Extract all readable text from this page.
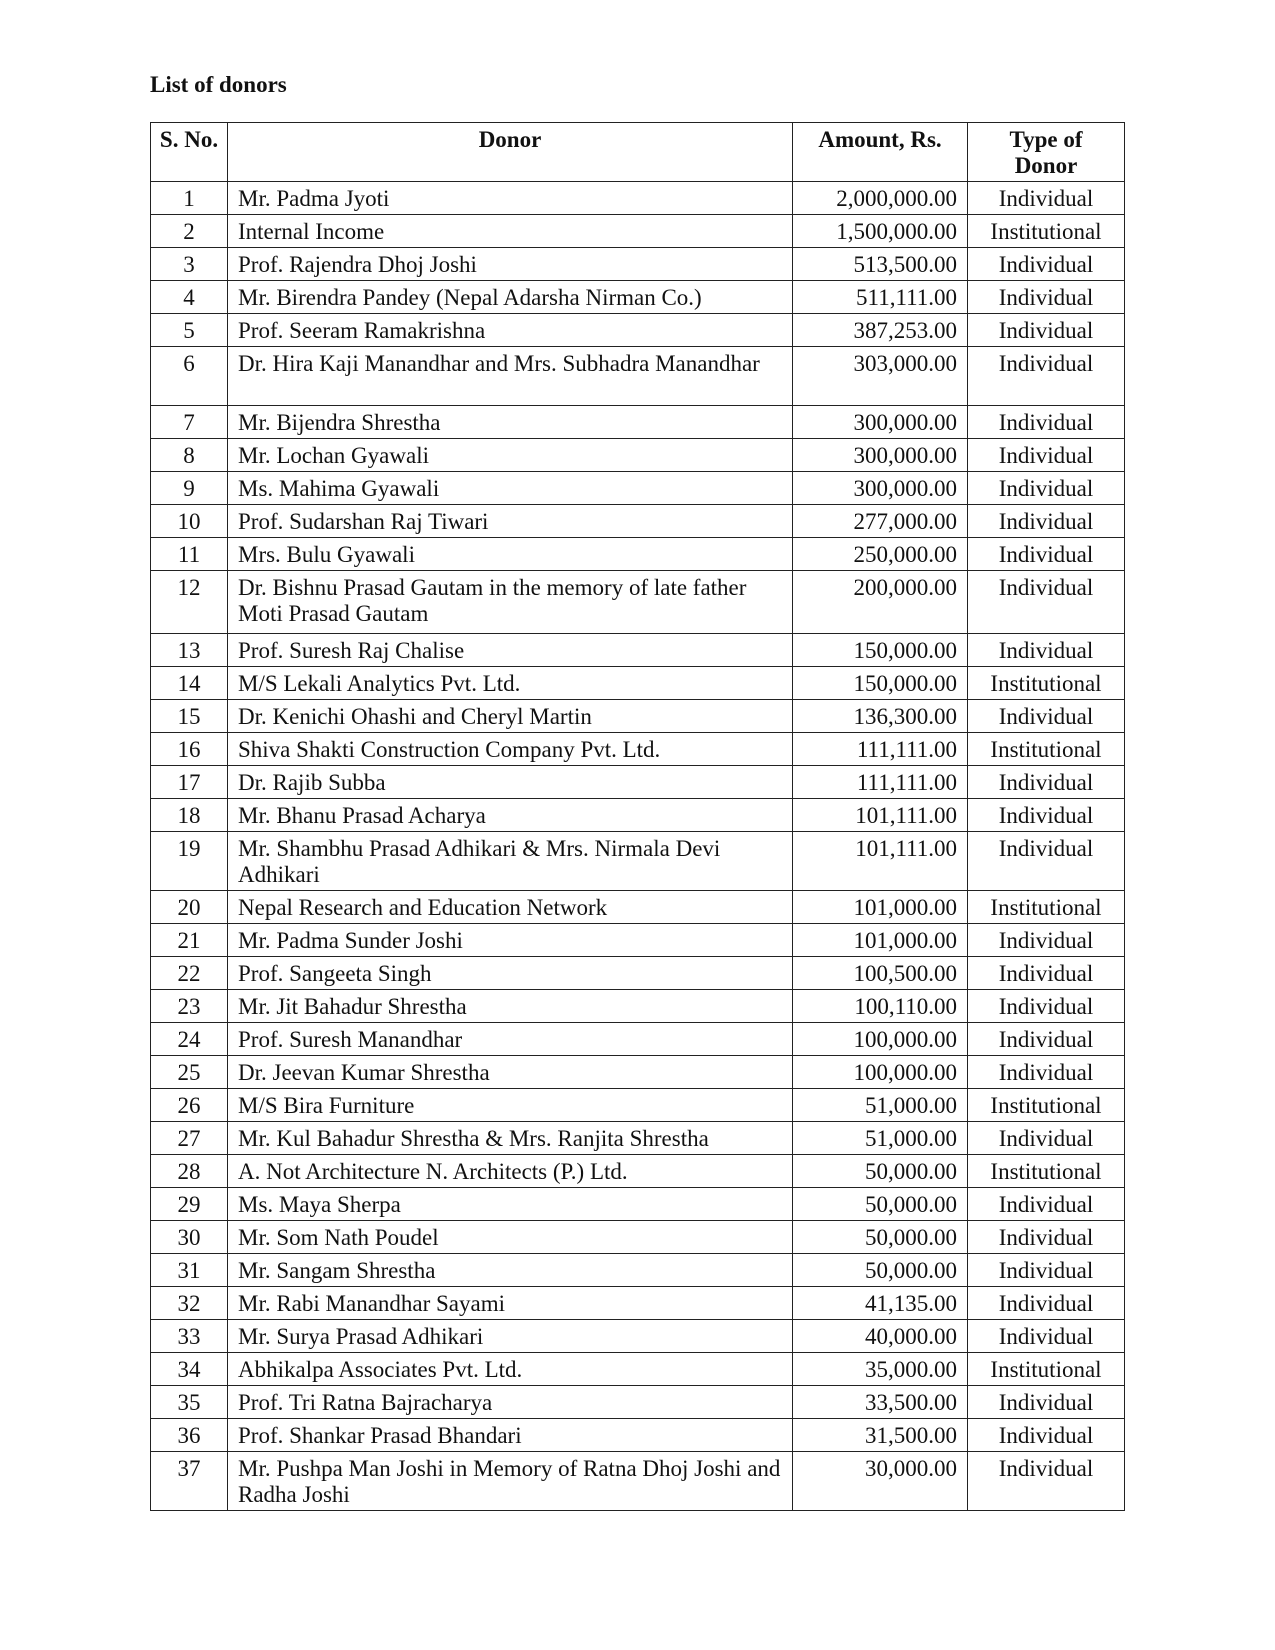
List of donors
S. No.	Donor	Amount, Rs.	Type of Donor
1	Mr. Padma Jyoti	2,000,000.00	Individual
2	Internal Income	1,500,000.00	Institutional
3	Prof. Rajendra Dhoj Joshi	513,500.00	Individual
4	Mr. Birendra Pandey (Nepal Adarsha Nirman Co.)	511,111.00	Individual
5	Prof. Seeram Ramakrishna	387,253.00	Individual
6	Dr. Hira Kaji Manandhar and Mrs. Subhadra Manandhar	303,000.00	Individual
7	Mr. Bijendra Shrestha	300,000.00	Individual
8	Mr. Lochan Gyawali	300,000.00	Individual
9	Ms. Mahima Gyawali	300,000.00	Individual
10	Prof. Sudarshan Raj Tiwari	277,000.00	Individual
11	Mrs. Bulu Gyawali	250,000.00	Individual
12	Dr. Bishnu Prasad Gautam in the memory of late father Moti Prasad Gautam	200,000.00	Individual
13	Prof. Suresh Raj Chalise	150,000.00	Individual
14	M/S Lekali Analytics Pvt. Ltd.	150,000.00	Institutional
15	Dr. Kenichi Ohashi and Cheryl Martin	136,300.00	Individual
16	Shiva Shakti Construction Company Pvt. Ltd.	111,111.00	Institutional
17	Dr. Rajib Subba	111,111.00	Individual
18	Mr. Bhanu Prasad Acharya	101,111.00	Individual
19	Mr. Shambhu Prasad Adhikari & Mrs. Nirmala Devi Adhikari	101,111.00	Individual
20	Nepal Research and Education Network	101,000.00	Institutional
21	Mr. Padma Sunder Joshi	101,000.00	Individual
22	Prof. Sangeeta Singh	100,500.00	Individual
23	Mr. Jit Bahadur Shrestha	100,110.00	Individual
24	Prof. Suresh Manandhar	100,000.00	Individual
25	Dr. Jeevan Kumar Shrestha	100,000.00	Individual
26	M/S Bira Furniture	51,000.00	Institutional
27	Mr. Kul Bahadur Shrestha & Mrs. Ranjita Shrestha	51,000.00	Individual
28	A. Not Architecture N. Architects (P.) Ltd.	50,000.00	Institutional
29	Ms. Maya Sherpa	50,000.00	Individual
30	Mr. Som Nath Poudel	50,000.00	Individual
31	Mr. Sangam Shrestha	50,000.00	Individual
32	Mr. Rabi Manandhar Sayami	41,135.00	Individual
33	Mr. Surya Prasad Adhikari	40,000.00	Individual
34	Abhikalpa Associates Pvt. Ltd.	35,000.00	Institutional
35	Prof. Tri Ratna Bajracharya	33,500.00	Individual
36	Prof. Shankar Prasad Bhandari	31,500.00	Individual
37	Mr. Pushpa Man Joshi in Memory of Ratna Dhoj Joshi and Radha Joshi	30,000.00	Individual
